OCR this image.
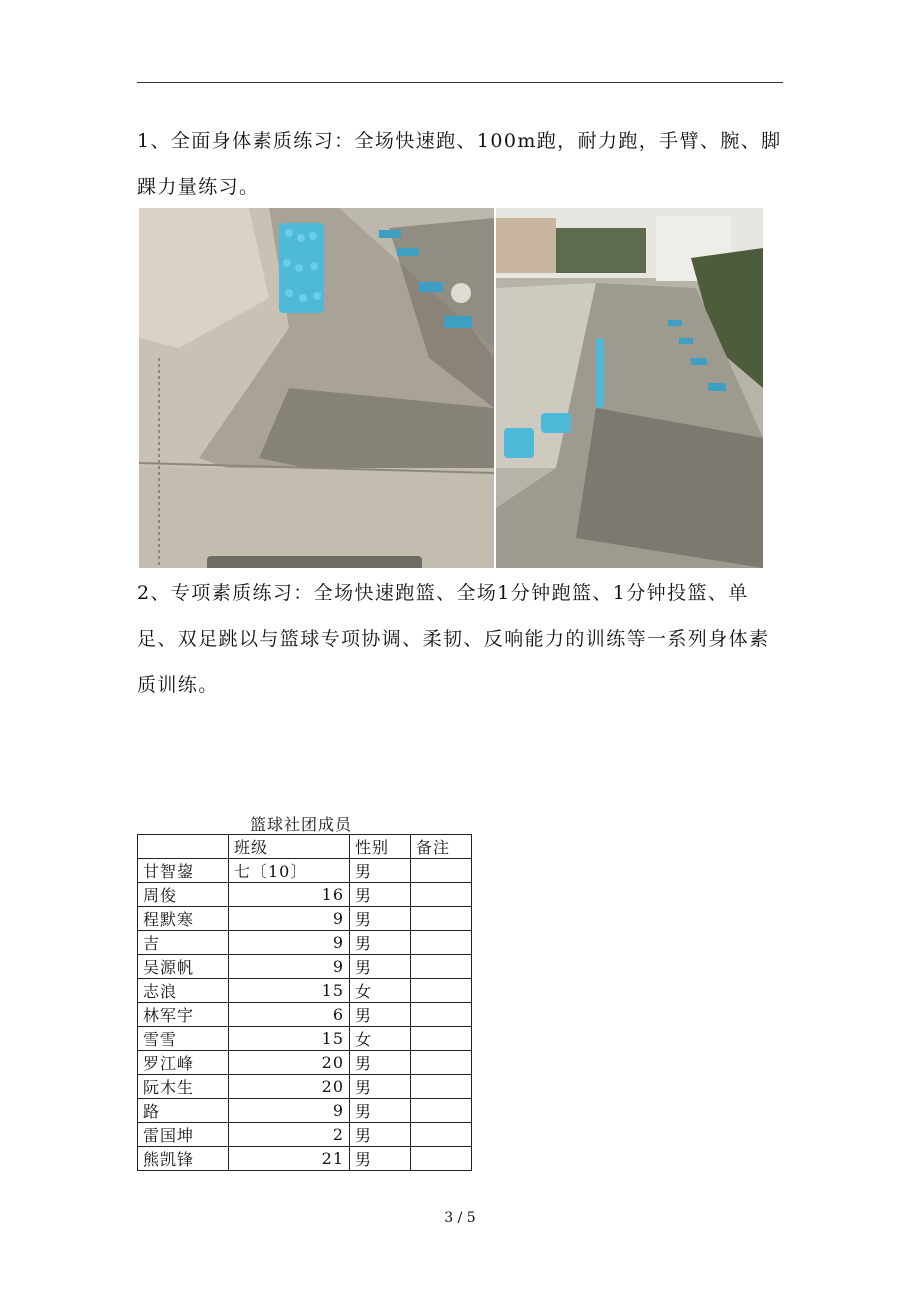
1、全面身体素质练习：全场快速跑、100m跑，耐力跑，手臂、腕、脚踝力量练习。

2、专项素质练习：全场快速跑篮、全场1分钟跑篮、1分钟投篮、单足、双足跳以与篮球专项协调、柔韧、反响能力的训练等一系列身体素质训练。

篮球社团成员
	班级	性别	备注
甘智鋆	七〔10〕	男	
周俊	16	男	
程默寒	9	男	
吉	9	男	
吴源帆	9	男	
志浪	15	女	
林军宇	6	男	
雪雪	15	女	
罗江峰	20	男	
阮木生	20	男	
路	9	男	
雷国坤	2	男	
熊凯锋	21	男	
3 / 5
